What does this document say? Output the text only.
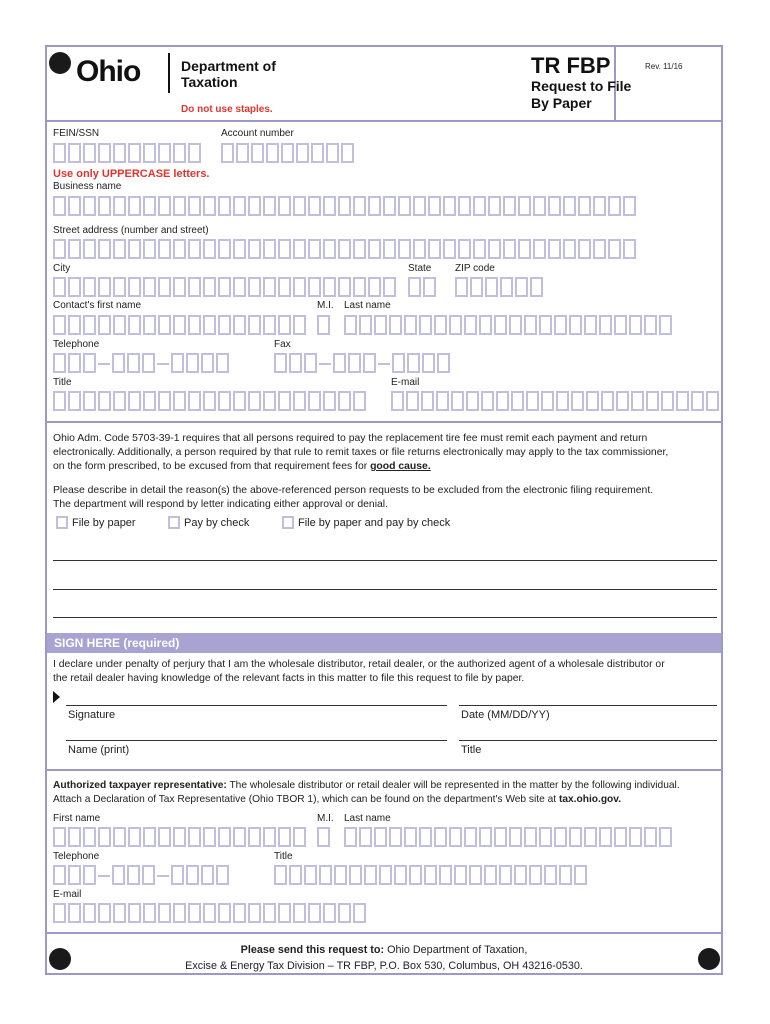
Ohio	Department of
Taxation
Do not use staples.
TR FBP	Rev. 11/16
Request to File
By Paper
FEIN/SSN	Account number
Use only UPPERCASE letters.
Business name
Street address (number and street)
City	State ZIP code
Contact's first name	M.I. Last name
Telephone	Fax
Title	E-mail
Ohio Adm. Code 5703-39-1 requires that all persons required to pay the replacement tire fee must remit each payment and return
electronically. Additionally, a person required by that rule to remit taxes or file returns electronically may apply to the tax commissioner,
on the form prescribed, to be excused from that requirement fees for good cause.
Please describe in detail the reason(s) the above-referenced person requests to be excluded from the electronic filing requirement.
The department will respond by letter indicating either approval or denial.
File by paper	Pay by check	File by paper and pay by check
SIGN HERE (required)
I declare under penalty of perjury that I am the wholesale distributor, retail dealer, or the authorized agent of a wholesale distributor or
the retail dealer having knowledge of the relevant facts in this matter to file this request to file by paper.
Signature	Date (MM/DD/YY)
Name (print)	Title
Authorized taxpayer representative: The wholesale distributor or retail dealer will be represented in the matter by the following individual.
Attach a Declaration of Tax Representative (Ohio TBOR 1), which can be found on the department's Web site at tax.ohio.gov.
First name	M.I. Last name
Telephone	Title
E-mail
Please send this request to: Ohio Department of Taxation,
Excise & Energy Tax Division – TR FBP, P.O. Box 530, Columbus, OH 43216-0530.
